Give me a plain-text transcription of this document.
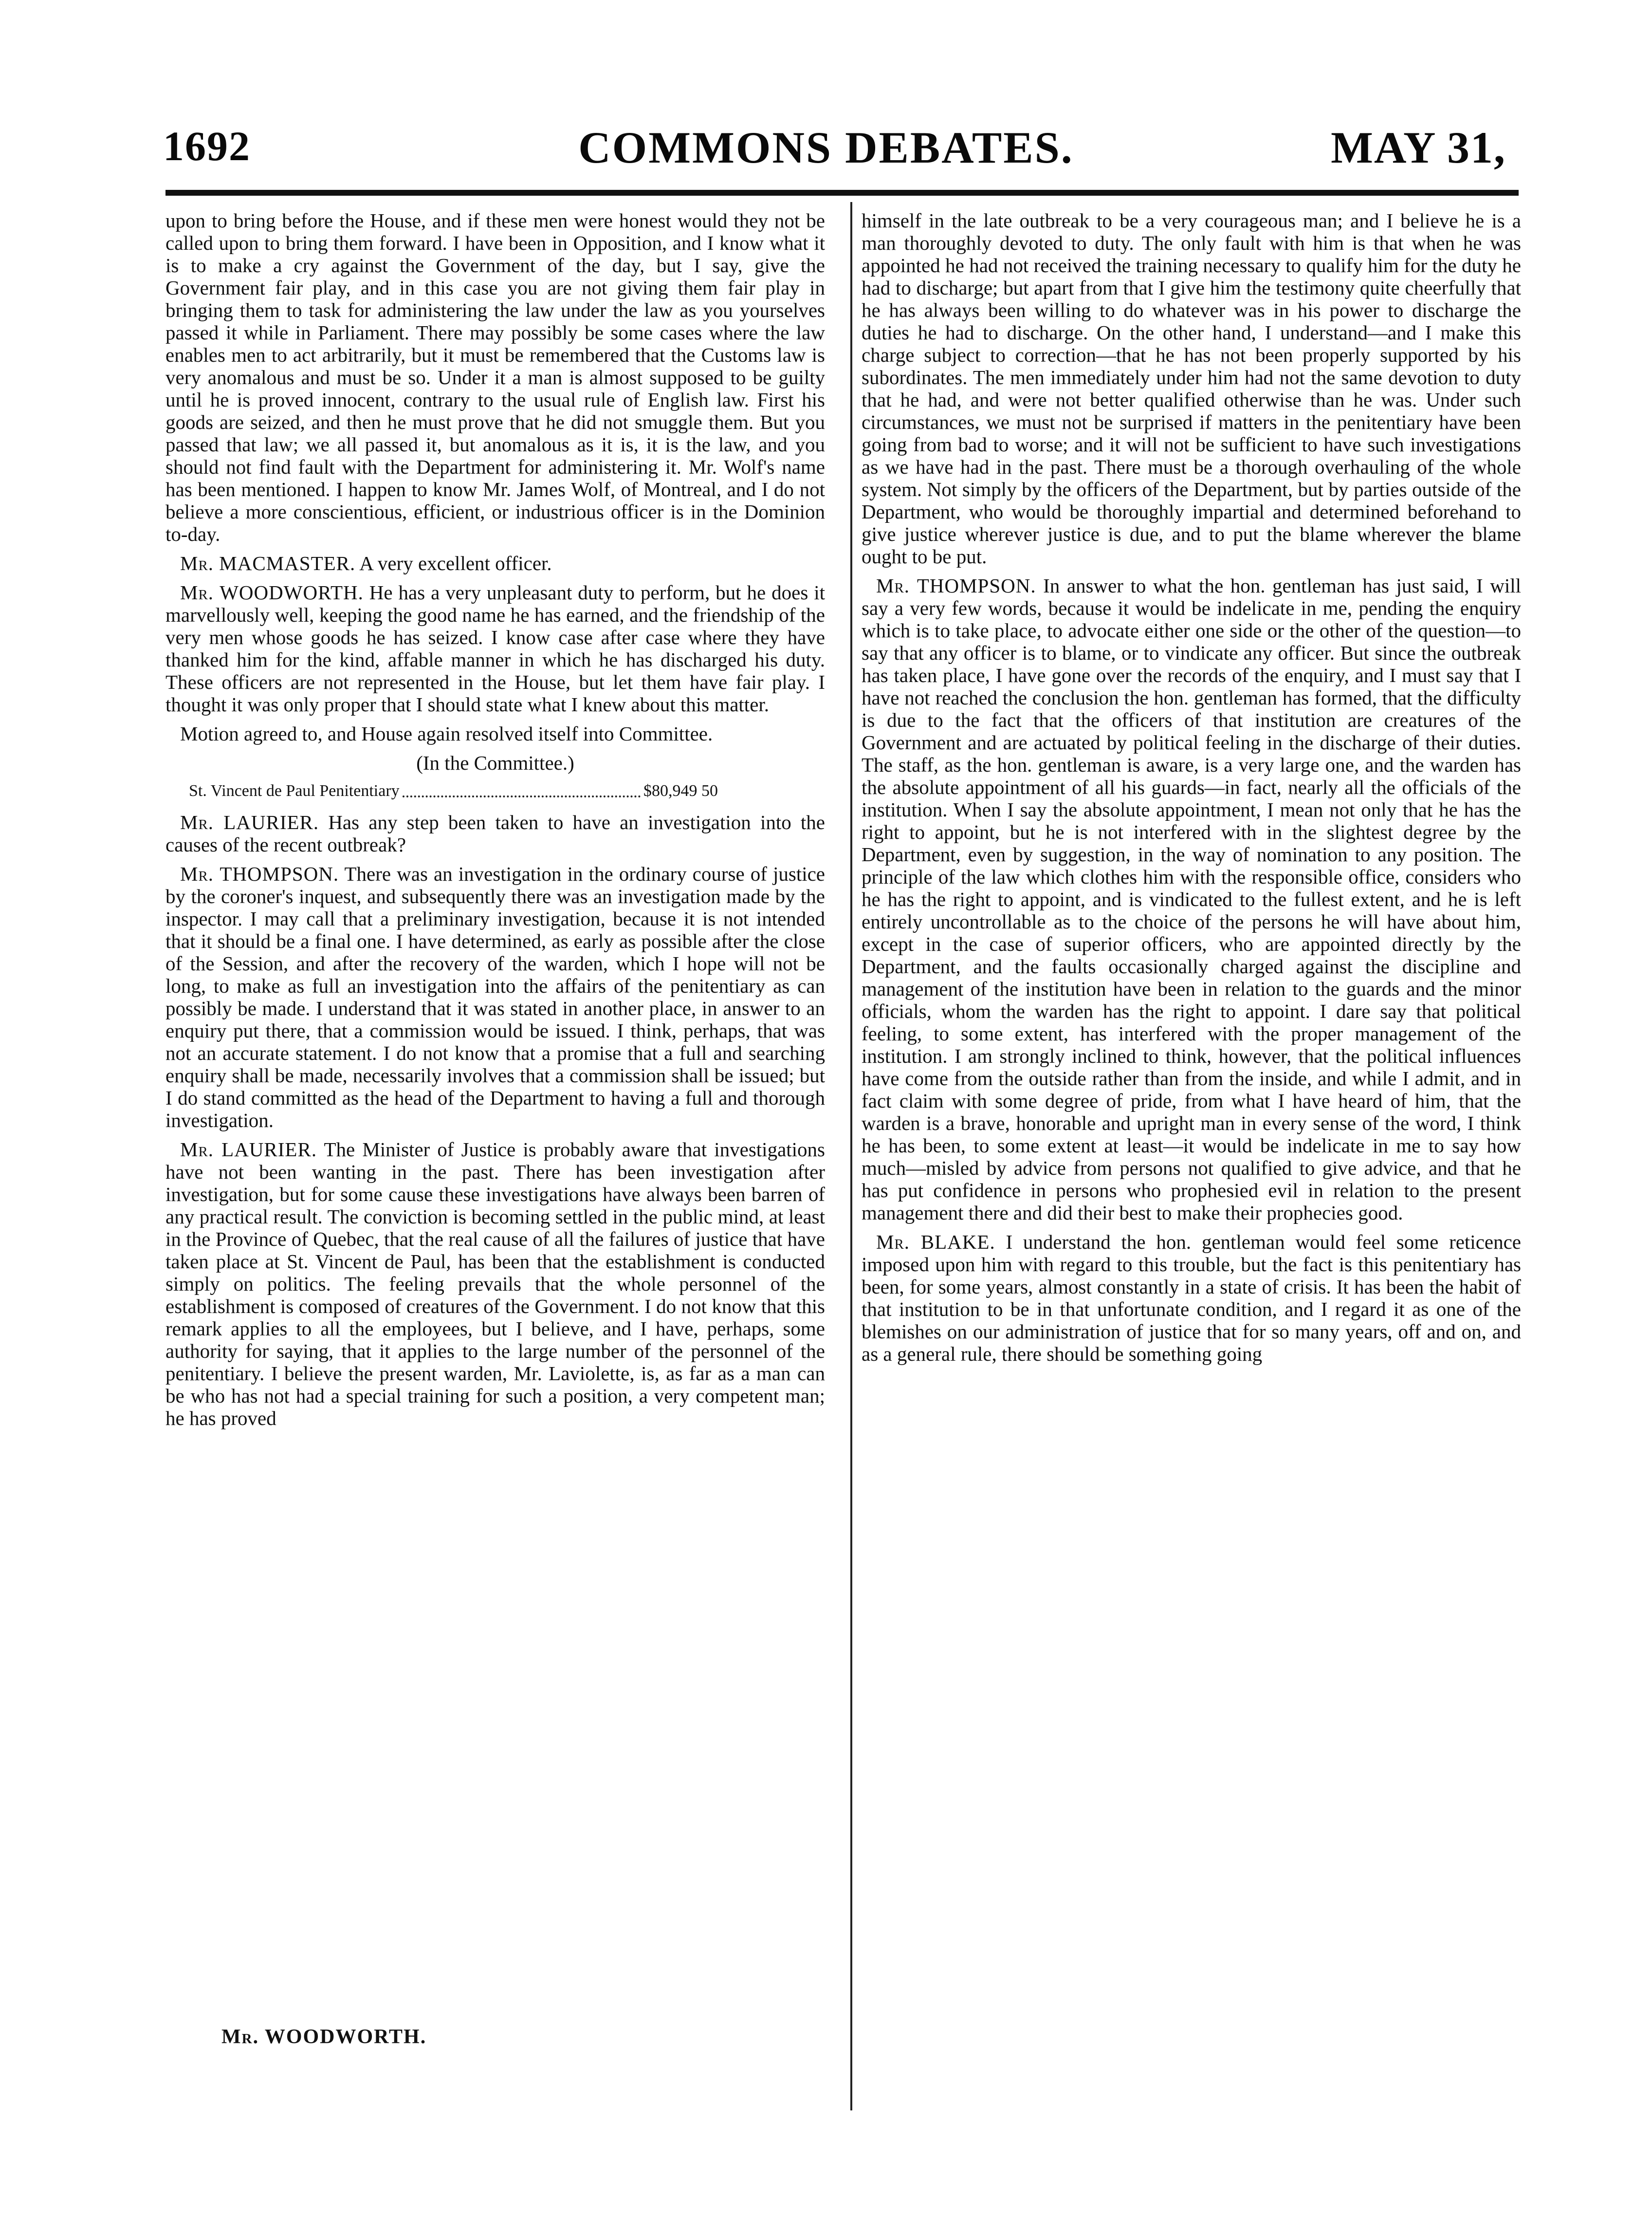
1692	COMMONS DEBATES.	MAY 31,

upon to bring before the House, and if these men were honest would they not be called upon to bring them forward. I have been in Opposition, and I know what it is to make a cry against the Government of the day, but I say, give the Government fair play, and in this case you are not giving them fair play in bringing them to task for administering the law under the law as you yourselves passed it while in Parliament. There may possibly be some cases where the law enables men to act arbitrarily, but it must be remembered that the Customs law is very anomalous and must be so. Under it a man is almost supposed to be guilty until he is proved innocent, contrary to the usual rule of English law. First his goods are seized, and then he must prove that he did not smuggle them. But you passed that law; we all passed it, but anomalous as it is, it is the law, and you should not find fault with the Department for administering it. Mr. Wolf's name has been mentioned. I happen to know Mr. James Wolf, of Montreal, and I do not believe a more conscientious, efficient, or industrious officer is in the Dominion to-day.

Mr. MACMASTER. A very excellent officer.

Mr. WOODWORTH. He has a very unpleasant duty to perform, but he does it marvellously well, keeping the good name he has earned, and the friendship of the very men whose goods he has seized. I know case after case where they have thanked him for the kind, affable manner in which he has discharged his duty. These officers are not represented in the House, but let them have fair play. I thought it was only proper that I should state what I knew about this matter.

Motion agreed to, and House again resolved itself into Committee.

(In the Committee.)

St. Vincent de Paul Penitentiary	$80,949 50

Mr. LAURIER. Has any step been taken to have an investigation into the causes of the recent outbreak?

Mr. THOMPSON. There was an investigation in the ordinary course of justice by the coroner's inquest, and subsequently there was an investigation made by the inspector. I may call that a preliminary investigation, because it is not intended that it should be a final one. I have determined, as early as possible after the close of the Session, and after the recovery of the warden, which I hope will not be long, to make as full an investigation into the affairs of the penitentiary as can possibly be made. I understand that it was stated in another place, in answer to an enquiry put there, that a commission would be issued. I think, perhaps, that was not an accurate statement. I do not know that a promise that a full and searching enquiry shall be made, necessarily involves that a commission shall be issued; but I do stand committed as the head of the Department to having a full and thorough investigation.

Mr. LAURIER. The Minister of Justice is probably aware that investigations have not been wanting in the past. There has been investigation after investigation, but for some cause these investigations have always been barren of any practical result. The conviction is becoming settled in the public mind, at least in the Province of Quebec, that the real cause of all the failures of justice that have taken place at St. Vincent de Paul, has been that the establishment is conducted simply on politics. The feeling prevails that the whole personnel of the establishment is composed of creatures of the Government. I do not know that this remark applies to all the employees, but I believe, and I have, perhaps, some authority for saying, that it applies to the large number of the personnel of the penitentiary. I believe the present warden, Mr. Laviolette, is, as far as a man can be who has not had a special training for such a position, a very competent man; he has proved

himself in the late outbreak to be a very courageous man; and I believe he is a man thoroughly devoted to duty. The only fault with him is that when he was appointed he had not received the training necessary to qualify him for the duty he had to discharge; but apart from that I give him the testimony quite cheerfully that he has always been willing to do whatever was in his power to discharge the duties he had to discharge. On the other hand, I understand—and I make this charge subject to correction—that he has not been properly supported by his subordinates. The men immediately under him had not the same devotion to duty that he had, and were not better qualified otherwise than he was. Under such circumstances, we must not be surprised if matters in the penitentiary have been going from bad to worse; and it will not be sufficient to have such investigations as we have had in the past. There must be a thorough overhauling of the whole system. Not simply by the officers of the Department, but by parties outside of the Department, who would be thoroughly impartial and determined beforehand to give justice wherever justice is due, and to put the blame wherever the blame ought to be put.

Mr. THOMPSON. In answer to what the hon. gentleman has just said, I will say a very few words, because it would be indelicate in me, pending the enquiry which is to take place, to advocate either one side or the other of the question—to say that any officer is to blame, or to vindicate any officer. But since the outbreak has taken place, I have gone over the records of the enquiry, and I must say that I have not reached the conclusion the hon. gentleman has formed, that the difficulty is due to the fact that the officers of that institution are creatures of the Government and are actuated by political feeling in the discharge of their duties. The staff, as the hon. gentleman is aware, is a very large one, and the warden has the absolute appointment of all his guards—in fact, nearly all the officials of the institution. When I say the absolute appointment, I mean not only that he has the right to appoint, but he is not interfered with in the slightest degree by the Department, even by suggestion, in the way of nomination to any position. The principle of the law which clothes him with the responsible office, considers who he has the right to appoint, and is vindicated to the fullest extent, and he is left entirely uncontrollable as to the choice of the persons he will have about him, except in the case of superior officers, who are appointed directly by the Department, and the faults occasionally charged against the discipline and management of the institution have been in relation to the guards and the minor officials, whom the warden has the right to appoint. I dare say that political feeling, to some extent, has interfered with the proper management of the institution. I am strongly inclined to think, however, that the political influences have come from the outside rather than from the inside, and while I admit, and in fact claim with some degree of pride, from what I have heard of him, that the warden is a brave, honorable and upright man in every sense of the word, I think he has been, to some extent at least—it would be indelicate in me to say how much—misled by advice from persons not qualified to give advice, and that he has put confidence in persons who prophesied evil in relation to the present management there and did their best to make their prophecies good.

Mr. BLAKE. I understand the hon. gentleman would feel some reticence imposed upon him with regard to this trouble, but the fact is this penitentiary has been, for some years, almost constantly in a state of crisis. It has been the habit of that institution to be in that unfortunate condition, and I regard it as one of the blemishes on our administration of justice that for so many years, off and on, and as a general rule, there should be something going

Mr. WOODWORTH.
